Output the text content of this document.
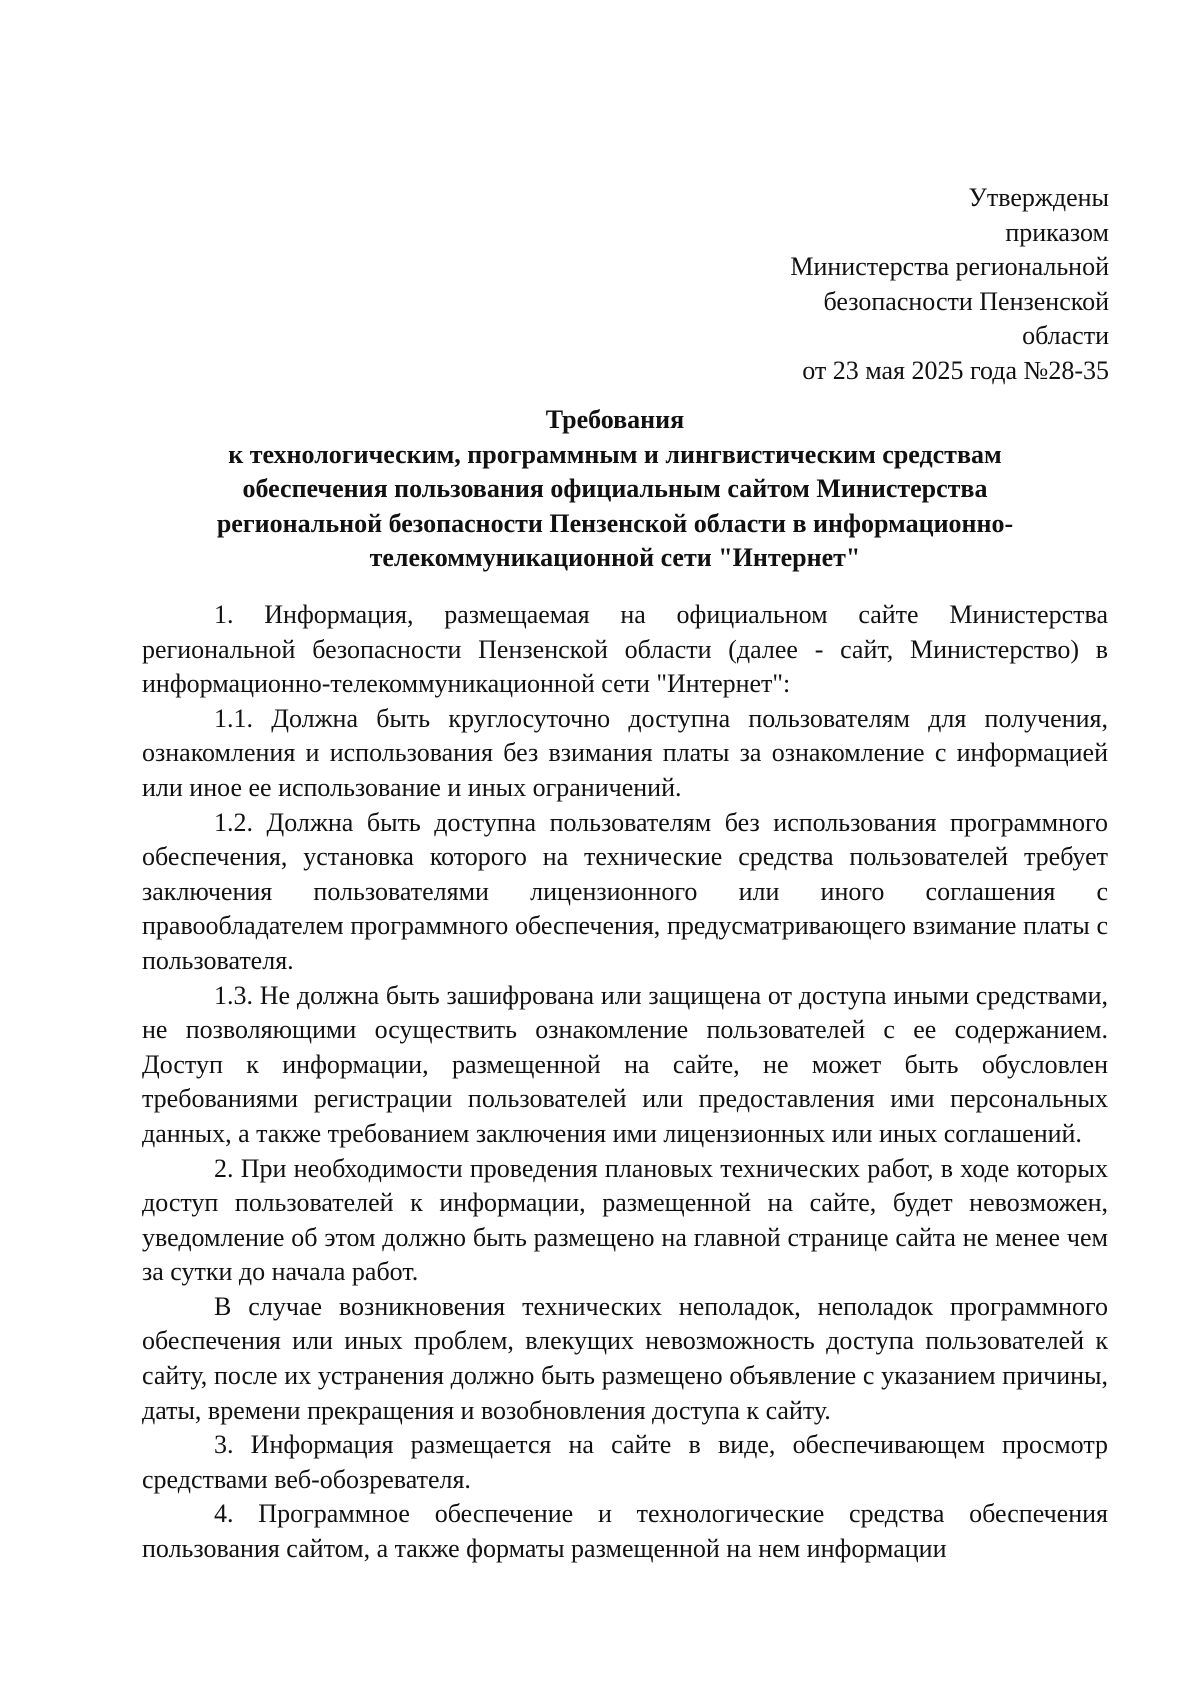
Утверждены
приказом
Министерства региональной
безопасности Пензенской
области
от 23 мая 2025 года №28-35
Требования
к технологическим, программным и лингвистическим средствам
обеспечения пользования официальным сайтом Министерства
региональной безопасности Пензенской области в информационно-
телекоммуникационной сети "Интернет"

1. Информация, размещаемая на официальном сайте Министерства региональной безопасности Пензенской области (далее - сайт, Министерство) в информационно-телекоммуникационной сети "Интернет":

1.1. Должна быть круглосуточно доступна пользователям для получения, ознакомления и использования без взимания платы за ознакомление с информацией или иное ее использование и иных ограничений.

1.2. Должна быть доступна пользователям без использования программного обеспечения, установка которого на технические средства пользователей требует заключения пользователями лицензионного или иного соглашения с правообладателем программного обеспечения, предусматривающего взимание платы с пользователя.

1.3. Не должна быть зашифрована или защищена от доступа иными средствами, не позволяющими осуществить ознакомление пользователей с ее содержанием. Доступ к информации, размещенной на сайте, не может быть обусловлен требованиями регистрации пользователей или предоставления ими персональных данных, а также требованием заключения ими лицензионных или иных соглашений.

2. При необходимости проведения плановых технических работ, в ходе которых доступ пользователей к информации, размещенной на сайте, будет невозможен, уведомление об этом должно быть размещено на главной странице сайта не менее чем за сутки до начала работ.

В случае возникновения технических неполадок, неполадок программного обеспечения или иных проблем, влекущих невозможность доступа пользователей к сайту, после их устранения должно быть размещено объявление с указанием причины, даты, времени прекращения и возобновления доступа к сайту.

3. Информация размещается на сайте в виде, обеспечивающем просмотр средствами веб-обозревателя.

4. Программное обеспечение и технологические средства обеспечения пользования сайтом, а также форматы размещенной на нем информации
